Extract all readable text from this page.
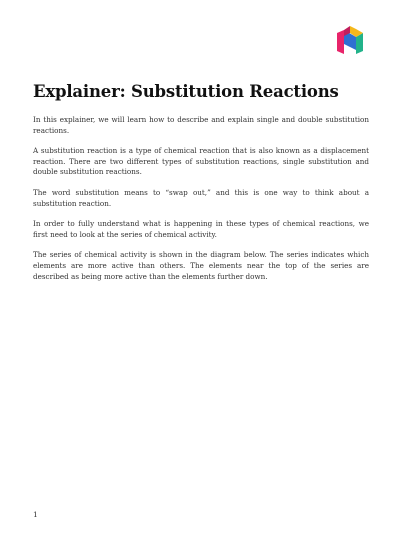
Explainer: Substitution Reactions

In this explainer, we will learn how to describe and explain single and double substitution reactions.

A substitution reaction is a type of chemical reaction that is also known as a displacement reaction. There are two different types of substitution reactions, single substitution and double substitution reactions.

The word substitution means to “swap out,” and this is one way to think about a substitution reaction.

In order to fully understand what is happening in these types of chemical reactions, we first need to look at the series of chemical activity.

The series of chemical activity is shown in the diagram below. The series indicates which elements are more active than others. The elements near the top of the series are described as being more active than the elements further down.

1
